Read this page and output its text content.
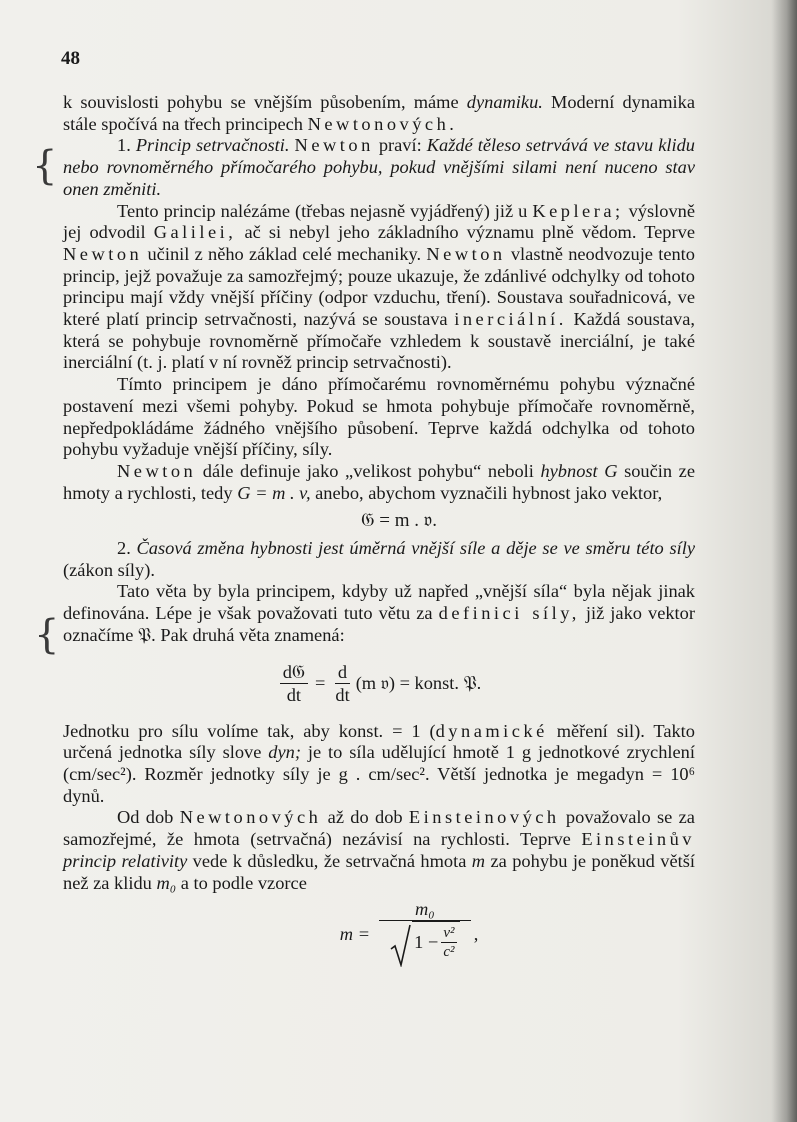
48
{
{

k souvislosti pohybu se vnějším působením, máme dynamiku. Moderní dynamika stále spočívá na třech principech Newtonových.

1. Princip setrvačnosti. Newton praví: Každé těleso setrvává ve stavu klidu nebo rovnoměrného přímočarého pohybu, pokud vnějšími silami není nuceno stav onen změniti.

Tento princip nalézáme (třebas nejasně vyjádřený) již u Keplera; výslovně jej odvodil Galilei, ač si nebyl jeho základního významu plně vědom. Teprve Newton učinil z něho základ celé mechaniky. Newton vlastně neodvozuje tento princip, jejž považuje za samozřejmý; pouze ukazuje, že zdánlivé odchylky od tohoto principu mají vždy vnější příčiny (odpor vzduchu, tření). Soustava souřadnicová, ve které platí princip setrvačnosti, nazývá se soustava inerciální. Každá soustava, která se pohybuje rovnoměrně přímočaře vzhledem k soustavě inerciální, je také inerciální (t. j. platí v ní rovněž princip setrvačnosti).

Tímto principem je dáno přímočarému rovnoměrnému pohybu význačné postavení mezi všemi pohyby. Pokud se hmota pohybuje přímočaře rovnoměrně, nepředpokládáme žádného vnějšího působení. Teprve každá odchylka od tohoto pohybu vyžaduje vnější příčiny, síly.

Newton dále definuje jako „velikost pohybu“ neboli hybnost G součin ze hmoty a rychlosti, tedy G = m . v, anebo, abychom vyznačili hybnost jako vektor,

𝔊 = m . 𝔳.

2. Časová změna hybnosti jest úměrná vnější síle a děje se ve směru této síly (zákon síly).

Tato věta by byla principem, kdyby už napřed „vnější síla“ byla nějak jinak definována. Lépe je však považovati tuto větu za definici síly, již jako vektor označíme 𝔓. Pak druhá věta znamená:

$\frac{\text{d𝔊}}{dt} = \frac{d}{dt} (m$ 𝔳) = konst. 𝔓.

Jednotku pro sílu volíme tak, aby konst. = 1 (dynamické měření sil). Takto určená jednotka síly slove dyn; je to síla udělující hmotě 1 g jednotkové zrychlení (cm/sec²). Rozměr jednotky síly je g . cm/sec². Větší jednotka je megadyn = 10⁶ dynů.

Od dob Newtonových až do dob Einsteinových považovalo se za samozřejmé, že hmota (setrvačná) nezávisí na rychlosti. Teprve Einsteinův princip relativity vede k důsledku, že setrvačná hmota m za pohybu je poněkud větší než za klidu m₀ a to podle vzorce

$m = \frac{\text{m₀}}{1 - \frac{\text{v²}}{\text{c²}}}$ ,
